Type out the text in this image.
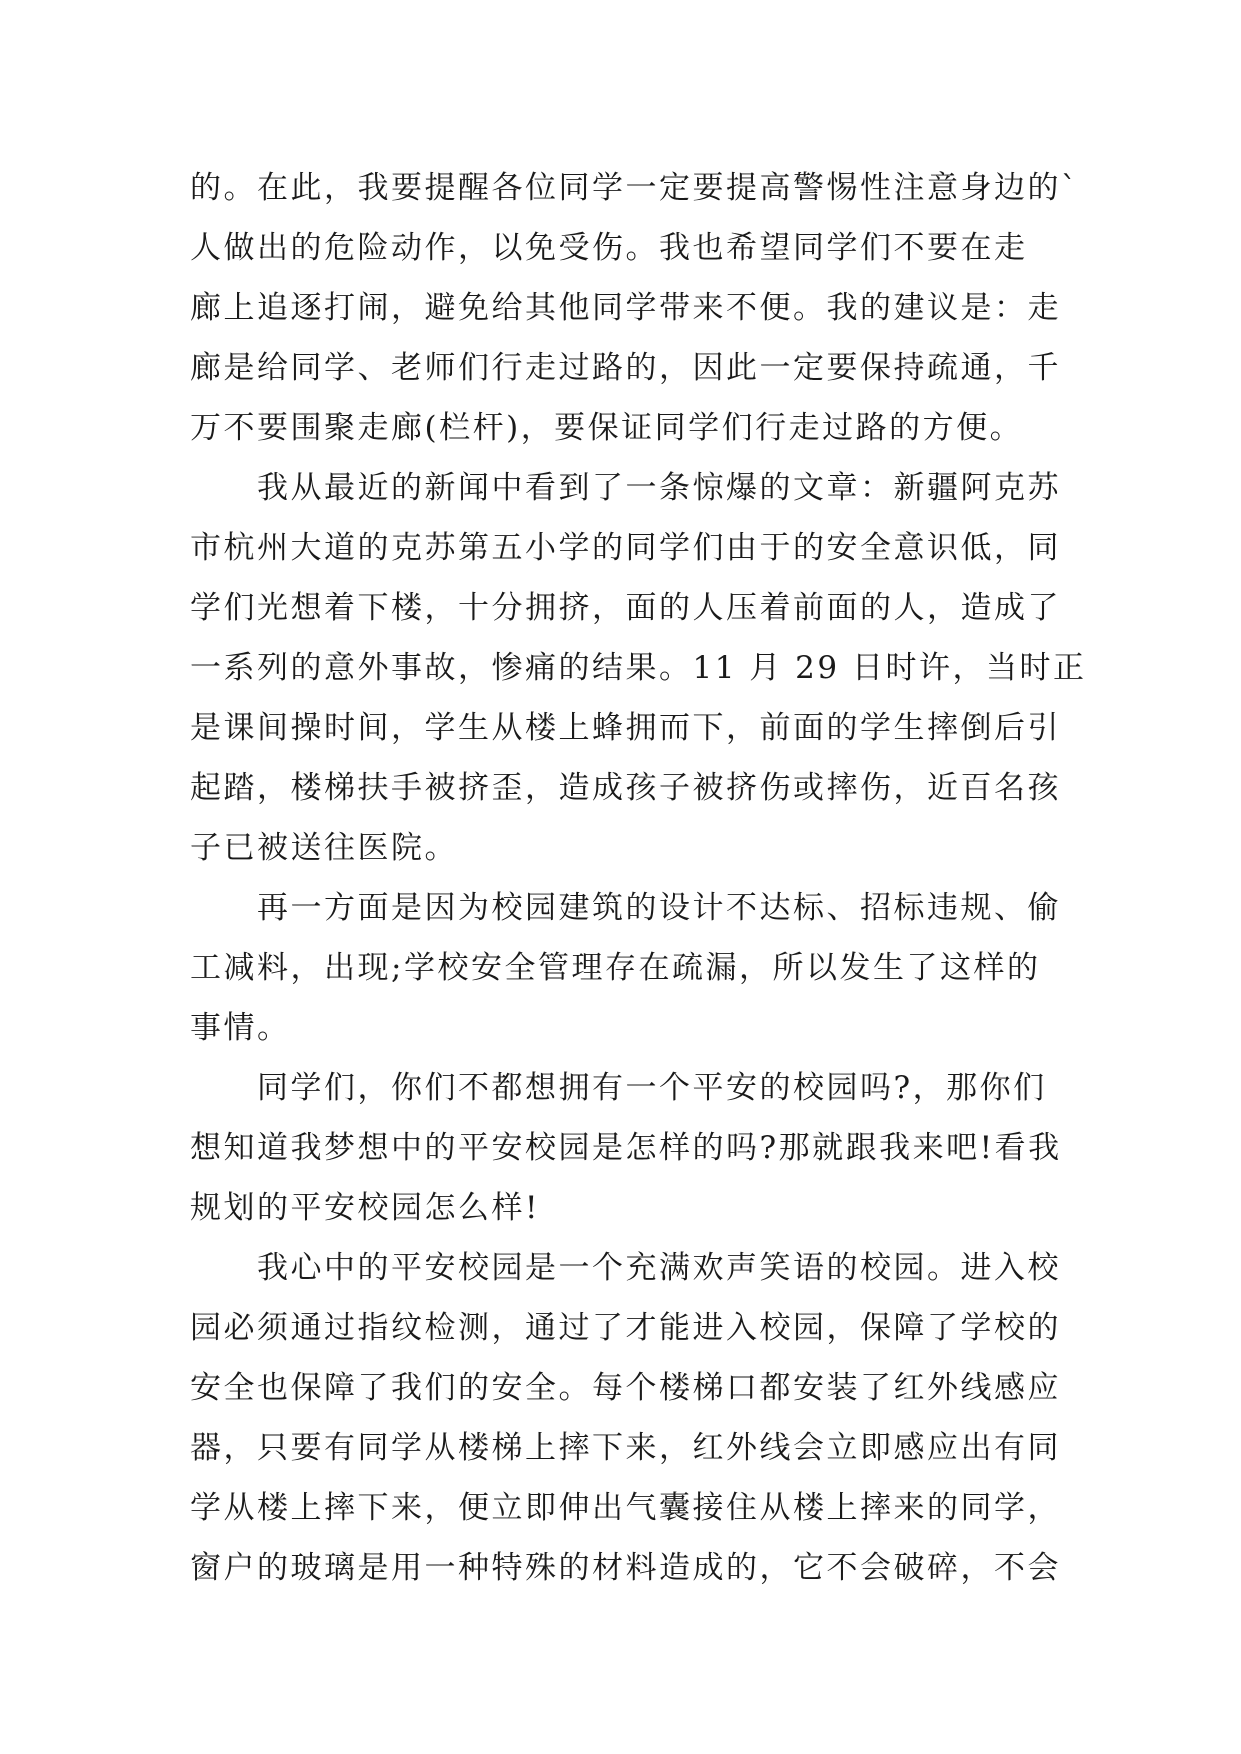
的。在此，我要提醒各位同学一定要提高警惕性注意身边的`
人做出的危险动作，以免受伤。我也希望同学们不要在走
廊上追逐打闹，避免给其他同学带来不便。我的建议是：走
廊是给同学、老师们行走过路的，因此一定要保持疏通，千
万不要围聚走廊(栏杆)，要保证同学们行走过路的方便。
我从最近的新闻中看到了一条惊爆的文章：新疆阿克苏
市杭州大道的克苏第五小学的同学们由于的安全意识低，同
学们光想着下楼，十分拥挤，面的人压着前面的人，造成了
一系列的意外事故，惨痛的结果。11 月 29 日时许，当时正
是课间操时间，学生从楼上蜂拥而下，前面的学生摔倒后引
起踏，楼梯扶手被挤歪，造成孩子被挤伤或摔伤，近百名孩
子已被送往医院。
再一方面是因为校园建筑的设计不达标、招标违规、偷
工减料，出现;学校安全管理存在疏漏，所以发生了这样的
事情。
同学们，你们不都想拥有一个平安的校园吗?，那你们
想知道我梦想中的平安校园是怎样的吗?那就跟我来吧!看我
规划的平安校园怎么样!
我心中的平安校园是一个充满欢声笑语的校园。进入校
园必须通过指纹检测，通过了才能进入校园，保障了学校的
安全也保障了我们的安全。每个楼梯口都安装了红外线感应
器，只要有同学从楼梯上摔下来，红外线会立即感应出有同
学从楼上摔下来，便立即伸出气囊接住从楼上摔来的同学，
窗户的玻璃是用一种特殊的材料造成的，它不会破碎，不会
